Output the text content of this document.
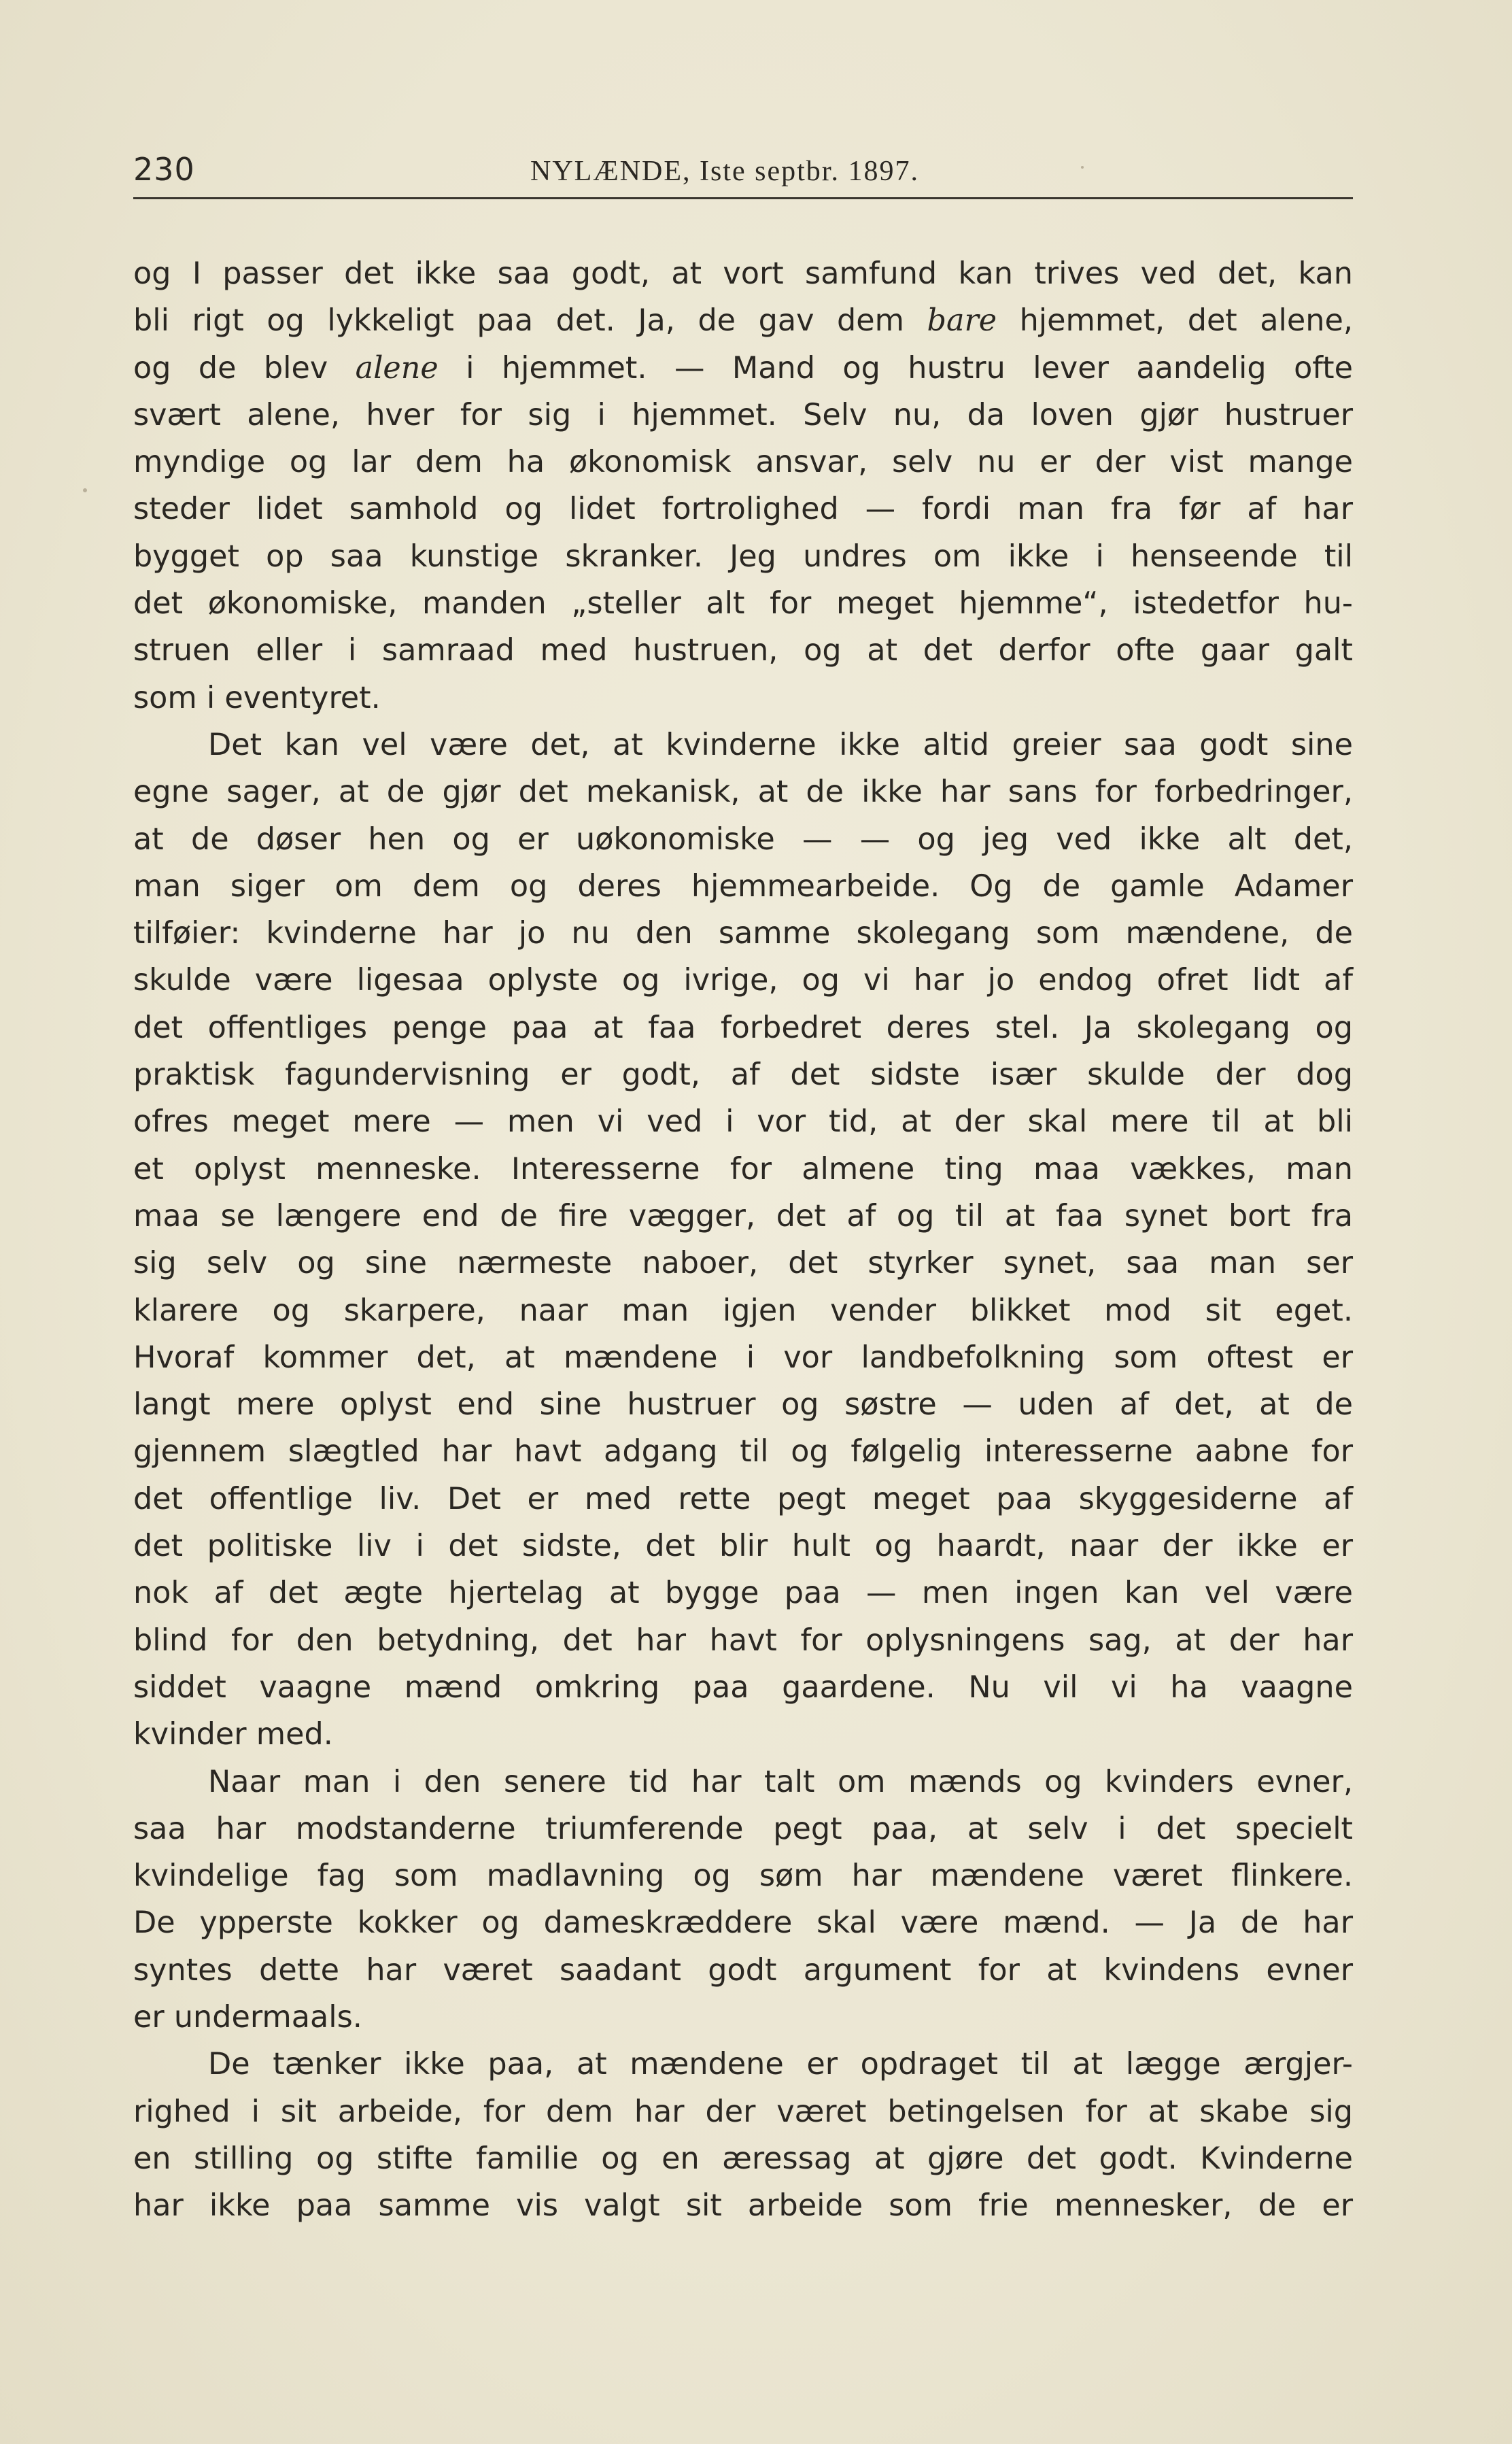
230	NYLÆNDE, Iste septbr. 1897.
og I passer det ikke saa godt, at vort samfund kan trives ved det, kan
bli rigt og lykkeligt paa det. Ja, de gav dem bare hjemmet, det alene,
og de blev alene i hjemmet. — Mand og hustru lever aandelig ofte
svært alene, hver for sig i hjemmet. Selv nu, da loven gjør hustruer
myndige og lar dem ha økonomisk ansvar, selv nu er der vist mange
steder lidet samhold og lidet fortrolighed — fordi man fra før af har
bygget op saa kunstige skranker. Jeg undres om ikke i henseende til
det økonomiske, manden „steller alt for meget hjemme“, istedetfor hu-
struen eller i samraad med hustruen, og at det derfor ofte gaar galt
som i eventyret.
Det kan vel være det, at kvinderne ikke altid greier saa godt sine
egne sager, at de gjør det mekanisk, at de ikke har sans for forbedringer,
at de døser hen og er uøkonomiske — — og jeg ved ikke alt det,
man siger om dem og deres hjemmearbeide. Og de gamle Adamer
tilføier: kvinderne har jo nu den samme skolegang som mændene, de
skulde være ligesaa oplyste og ivrige, og vi har jo endog ofret lidt af
det offentliges penge paa at faa forbedret deres stel. Ja skolegang og
praktisk fagundervisning er godt, af det sidste især skulde der dog
ofres meget mere — men vi ved i vor tid, at der skal mere til at bli
et oplyst menneske. Interesserne for almene ting maa vækkes, man
maa se længere end de fire vægger, det af og til at faa synet bort fra
sig selv og sine nærmeste naboer, det styrker synet, saa man ser
klarere og skarpere, naar man igjen vender blikket mod sit eget.
Hvoraf kommer det, at mændene i vor landbefolkning som oftest er
langt mere oplyst end sine hustruer og søstre — uden af det, at de
gjennem slægtled har havt adgang til og følgelig interesserne aabne for
det offentlige liv. Det er med rette pegt meget paa skyggesiderne af
det politiske liv i det sidste, det blir hult og haardt, naar der ikke er
nok af det ægte hjertelag at bygge paa — men ingen kan vel være
blind for den betydning, det har havt for oplysningens sag, at der har
siddet vaagne mænd omkring paa gaardene. Nu vil vi ha vaagne
kvinder med.
Naar man i den senere tid har talt om mænds og kvinders evner,
saa har modstanderne triumferende pegt paa, at selv i det specielt
kvindelige fag som madlavning og søm har mændene været flinkere.
De ypperste kokker og dameskræddere skal være mænd. — Ja de har
syntes dette har været saadant godt argument for at kvindens evner
er undermaals.
De tænker ikke paa, at mændene er opdraget til at lægge ærgjer-
righed i sit arbeide, for dem har der været betingelsen for at skabe sig
en stilling og stifte familie og en æressag at gjøre det godt. Kvinderne
har ikke paa samme vis valgt sit arbeide som frie mennesker, de er
